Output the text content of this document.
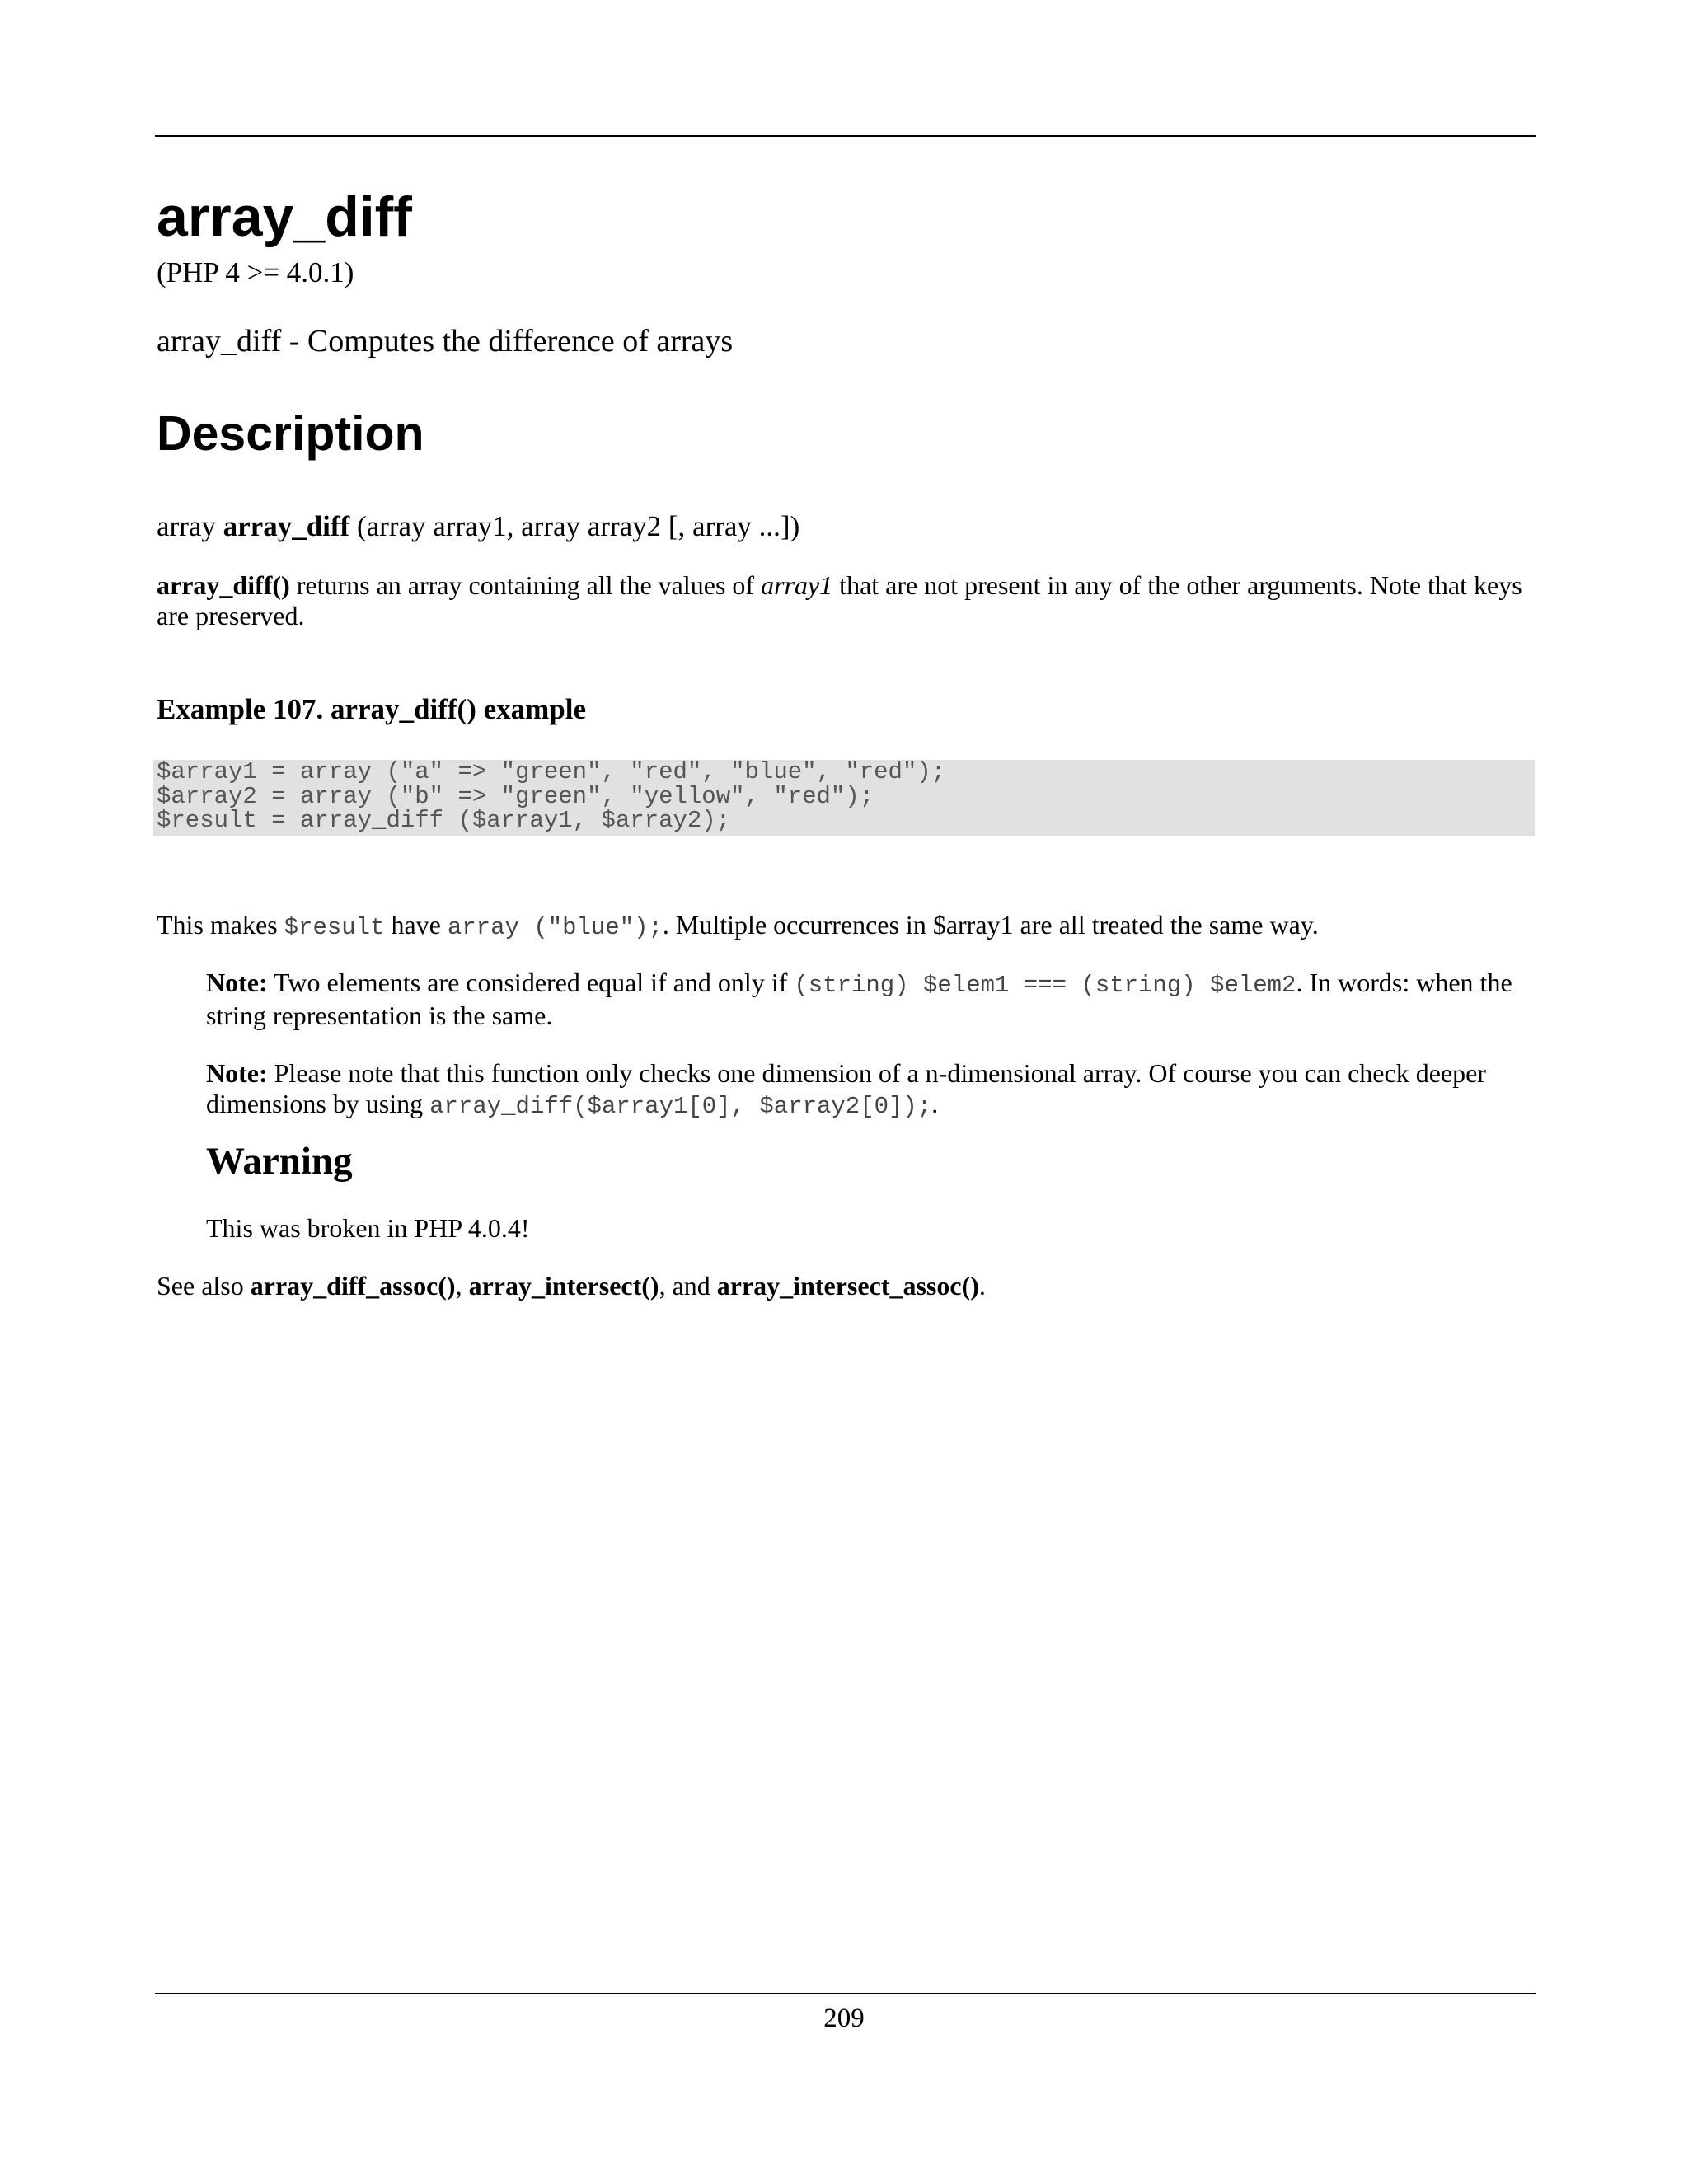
array_diff

(PHP 4 >= 4.0.1)

array_diff - Computes the difference of arrays

Description

array array_diff (array array1, array array2 [, array ...])

array_diff() returns an array containing all the values of array1 that are not present in any of the other arguments. Note that keys are preserved.

Example 107. array_diff() example

$array1 = array ("a" => "green", "red", "blue", "red");
$array2 = array ("b" => "green", "yellow", "red");
$result = array_diff ($array1, $array2);

This makes $result have array ("blue");. Multiple occurrences in $array1 are all treated the same way.

Note: Two elements are considered equal if and only if (string) $elem1 === (string) $elem2. In words: when the string representation is the same.

Note: Please note that this function only checks one dimension of a n-dimensional array. Of course you can check deeper dimensions by using array_diff($array1[0], $array2[0]);.

Warning

This was broken in PHP 4.0.4!

See also array_diff_assoc(), array_intersect(), and array_intersect_assoc().

209
